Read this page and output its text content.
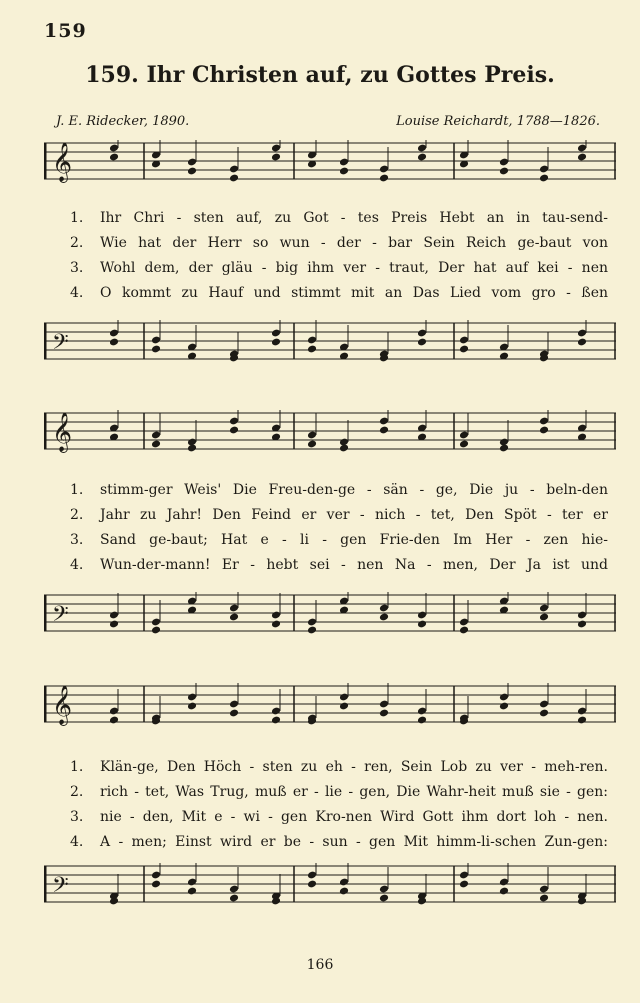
159
159. Ihr Christen auf, zu Gottes Preis.
J. E. Ridecker, 1890.	Louise Reichardt, 1788—1826.
𝄞
1.	Ihr Chri - sten auf, zu Got - tes Preis Hebt an in tau-send-
2.	Wie hat der Herr so wun - der - bar Sein Reich ge-baut von
3.	Wohl dem, der gläu - big ihm ver - traut, Der hat auf kei - nen
4.	O kommt zu Hauf und stimmt mit an Das Lied vom gro - ßen
𝄢
𝄞
1.	stimm-ger Weis' Die Freu-den-ge - sän - ge, Die ju - beln-den
2.	Jahr zu Jahr! Den Feind er ver - nich - tet, Den Spöt - ter er
3.	Sand ge-baut; Hat e - li - gen Frie-den Im Her - zen hie-
4.	Wun-der-mann! Er - hebt sei - nen Na - men, Der Ja ist und
𝄢
𝄞
1.	Klän-ge, Den Höch - sten zu eh - ren, Sein Lob zu ver - meh-ren.
2.	rich - tet, Was Trug, muß er - lie - gen, Die Wahr-heit muß sie - gen:
3.	nie - den, Mit e - wi - gen Kro-nen Wird Gott ihm dort loh - nen.
4.	A - men; Einst wird er be - sun - gen Mit himm-li-schen Zun-gen:
𝄢
166
